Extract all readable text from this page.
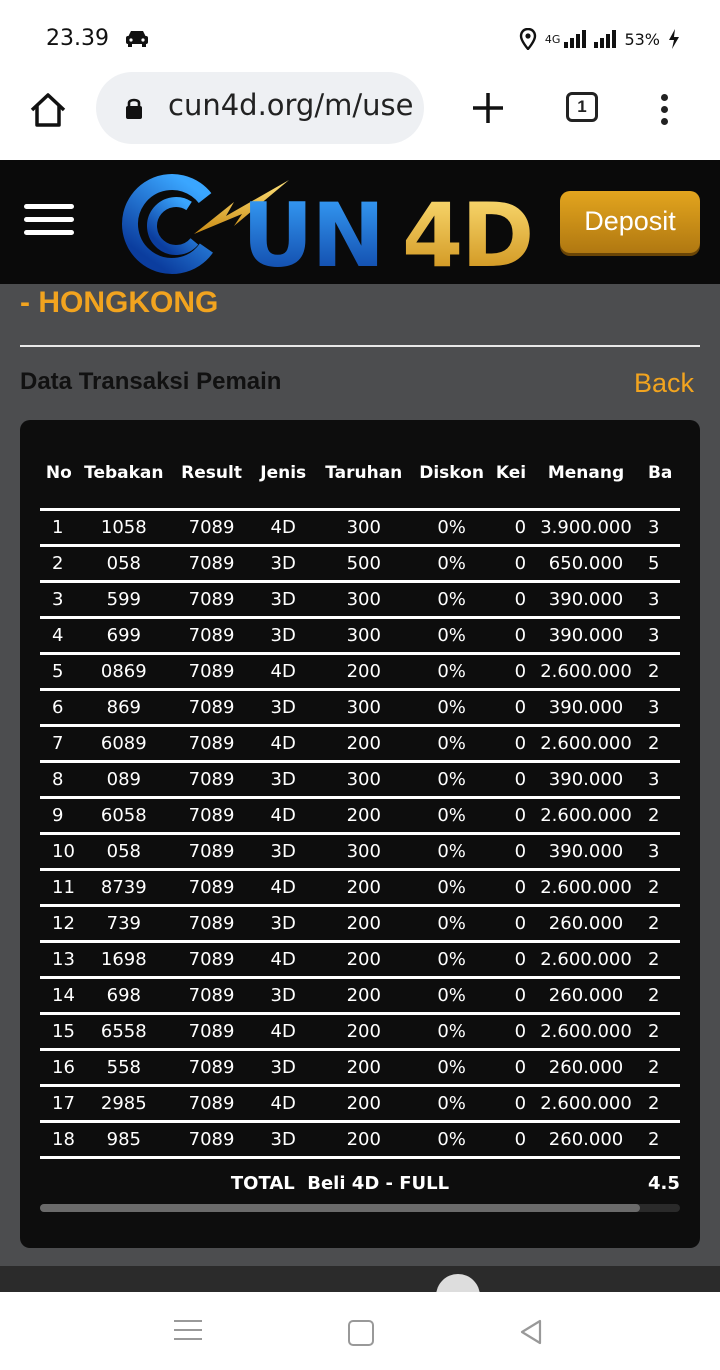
23.39	4G	53%
cun4d.org/m/use	1
UN 4D	Deposit
- HONGKONG
Data Transaksi Pemain	Back
No	Tebakan	Result	Jenis	Taruhan	Diskon	Kei	Menang	Ba
1	1058	7089	4D	300	0%	0	3.900.000	3
2	058	7089	3D	500	0%	0	650.000	5
3	599	7089	3D	300	0%	0	390.000	3
4	699	7089	3D	300	0%	0	390.000	3
5	0869	7089	4D	200	0%	0	2.600.000	2
6	869	7089	3D	300	0%	0	390.000	3
7	6089	7089	4D	200	0%	0	2.600.000	2
8	089	7089	3D	300	0%	0	390.000	3
9	6058	7089	4D	200	0%	0	2.600.000	2
10	058	7089	3D	300	0%	0	390.000	3
11	8739	7089	4D	200	0%	0	2.600.000	2
12	739	7089	3D	200	0%	0	260.000	2
13	1698	7089	4D	200	0%	0	2.600.000	2
14	698	7089	3D	200	0%	0	260.000	2
15	6558	7089	4D	200	0%	0	2.600.000	2
16	558	7089	3D	200	0%	0	260.000	2
17	2985	7089	4D	200	0%	0	2.600.000	2
18	985	7089	3D	200	0%	0	260.000	2
TOTAL  Beli 4D - FULL								4.5
